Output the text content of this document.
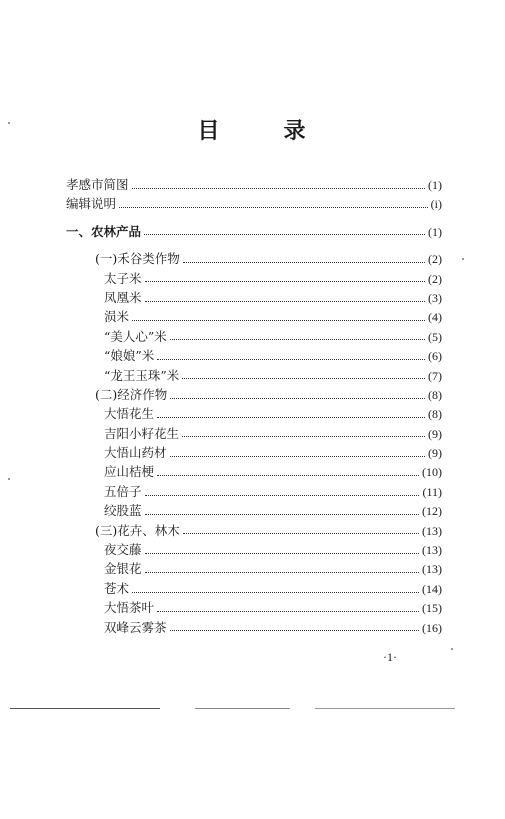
目	录
孝感市简图	(1)
编辑说明	(i)
一、农林产品	(1)
(一)禾谷类作物	(2)
太子米	(2)
凤凰米	(3)
涢米	(4)
“美人心”米	(5)
“娘娘”米	(6)
“龙王玉珠”米	(7)
(二)经济作物	(8)
大悟花生	(8)
吉阳小籽花生	(9)
大悟山药材	(9)
应山桔梗	(10)
五倍子	(11)
绞股蓝	(12)
(三)花卉、林木	(13)
夜交藤	(13)
金银花	(13)
苍术	(14)
大悟茶叶	(15)
双峰云雾茶	(16)
·1·
